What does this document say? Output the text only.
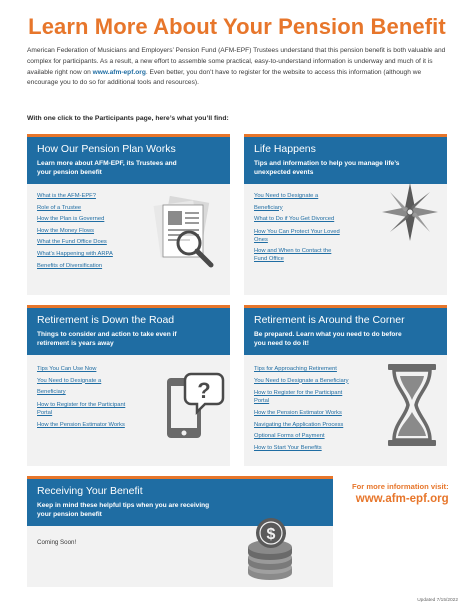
Learn More About Your Pension Benefit
American Federation of Musicians and Employers’ Pension Fund (AFM-EPF) Trustees understand that this pension benefit is both valuable and complex for participants. As a result, a new effort to assemble some practical, easy-to-understand information is underway and much of it is available right now on www.afm-epf.org. Even better, you don’t have to register for the website to access this information (although we encourage you to do so for additional tools and resources).
With one click to the Participants page, here’s what you’ll find:
How Our Pension Plan Works
Learn more about AFM-EPF, its Trustees and your pension benefit
What is the AFM-EPF?
Role of a Trustee
How the Plan is Governed
How the Money Flows
What the Fund Office Does
What’s Happening with ARPA
Benefits of Diversification
Life Happens
Tips and information to help you manage life’s unexpected events
You Need to Designate a Beneficiary
What to Do if You Get Divorced
How You Can Protect Your Loved Ones
How and When to Contact the Fund Office
Retirement is Down the Road
Things to consider and action to take even if retirement is years away
Tips You Can Use Now
You Need to Designate a Beneficiary
How to Register for the Participant Portal
How the Pension Estimator Works
?
Retirement is Around the Corner
Be prepared. Learn what you need to do before you need to do it!
Tips for Approaching Retirement
You Need to Designate a Beneficiary
How to Register for the Participant Portal
How the Pension Estimator Works
Navigating the Application Process
Optional Forms of Payment
How to Start Your Benefits
Receiving Your Benefit
Keep in mind these helpful tips when you are receiving your pension benefit
Coming Soon!	$
For more information visit:
www.afm-epf.org
Updated 7/15/2022
